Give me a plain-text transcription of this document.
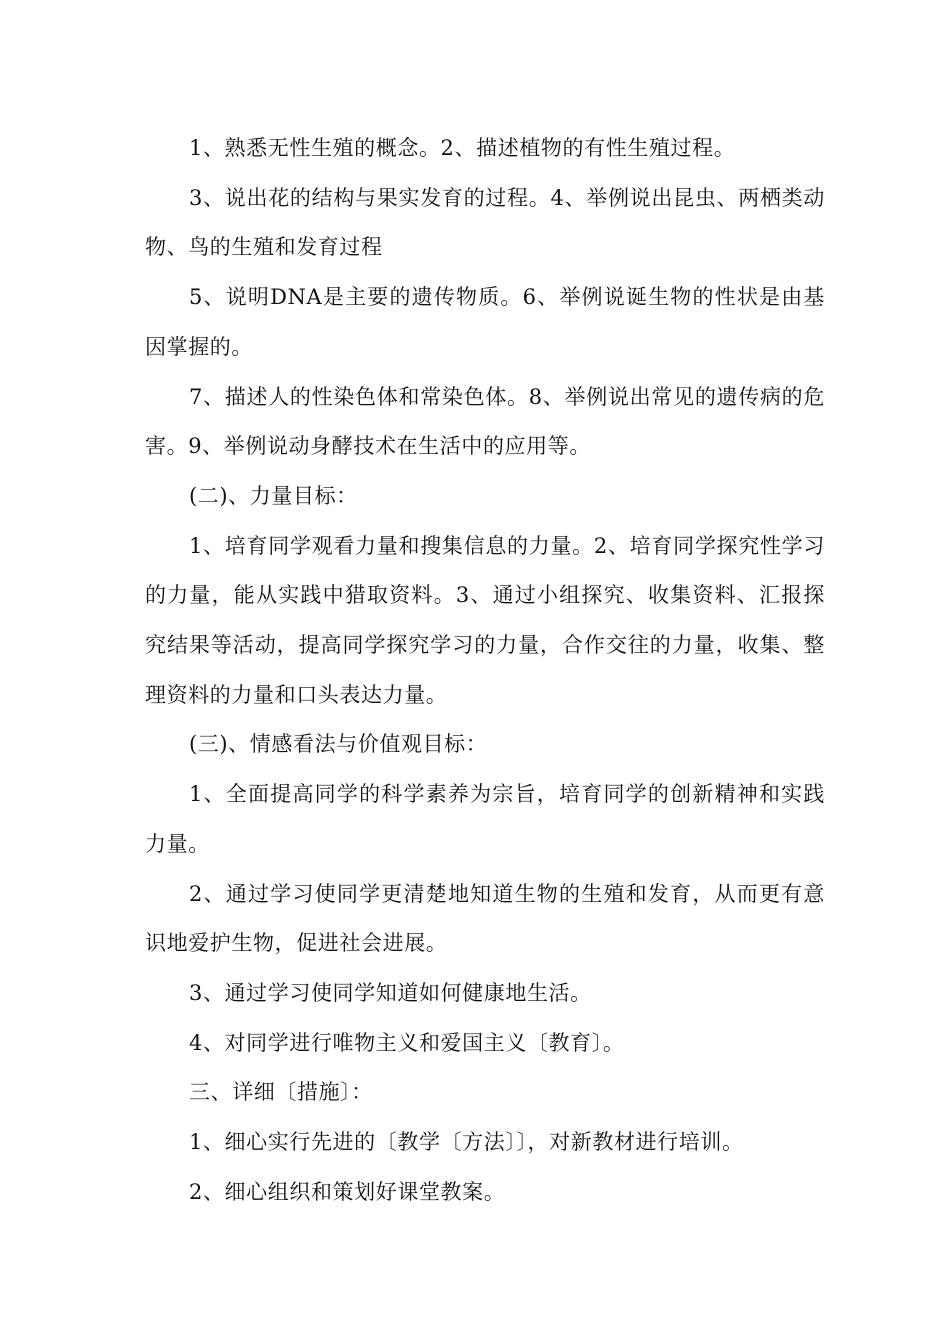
1、熟悉无性生殖的概念。2、描述植物的有性生殖过程。

3、说出花的结构与果实发育的过程。4、举例说出昆虫、两栖类动物、鸟的生殖和发育过程

5、说明DNA是主要的遗传物质。6、举例说诞生物的性状是由基因掌握的。

7、描述人的性染色体和常染色体。8、举例说出常见的遗传病的危害。9、举例说动身酵技术在生活中的应用等。

(二)、力量目标：

1、培育同学观看力量和搜集信息的力量。2、培育同学探究性学习的力量，能从实践中猎取资料。3、通过小组探究、收集资料、汇报探究结果等活动，提高同学探究学习的力量，合作交往的力量，收集、整理资料的力量和口头表达力量。

(三)、情感看法与价值观目标：

1、全面提高同学的科学素养为宗旨，培育同学的创新精神和实践力量。

2、通过学习使同学更清楚地知道生物的生殖和发育，从而更有意识地爱护生物，促进社会进展。

3、通过学习使同学知道如何健康地生活。

4、对同学进行唯物主义和爱国主义〔教育〕。

三、详细〔措施〕：

1、细心实行先进的〔教学〔方法〕〕，对新教材进行培训。

2、细心组织和策划好课堂教案。
